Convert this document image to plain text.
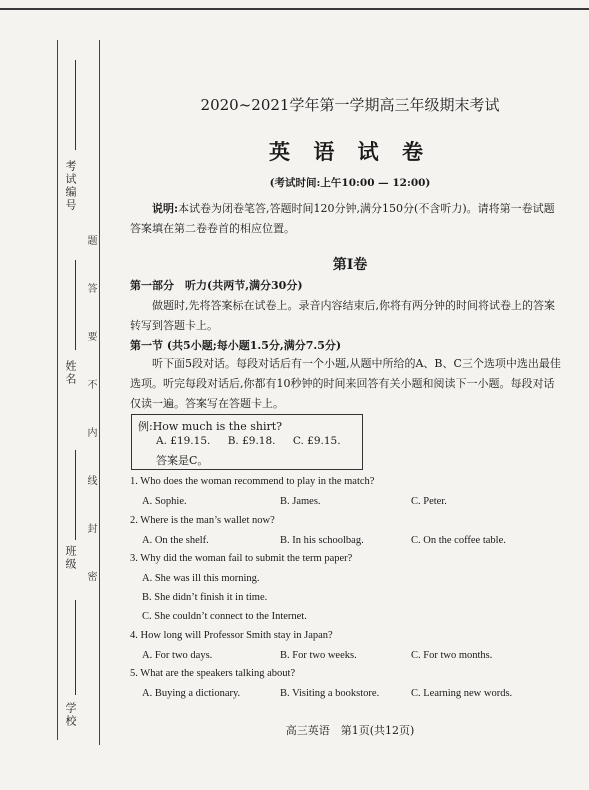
考试编号
姓名
班级
学校
题答要不内线封密
2020~2021学年第一学期高三年级期末考试
英 语 试 卷
(考试时间:上午10:00 — 12:00)
说明:本试卷为闭卷笔答,答题时间120分钟,满分150分(不含听力)。请将第一卷试题答案填在第二卷卷首的相应位置。
第Ⅰ卷
第一部分　听力(共两节,满分30分)
做题时,先将答案标在试卷上。录音内容结束后,你将有两分钟的时间将试卷上的答案转写到答题卡上。
第一节 (共5小题;每小题1.5分,满分7.5分)
听下面5段对话。每段对话后有一个小题,从题中所给的A、B、C三个选项中选出最佳选项。听完每段对话后,你都有10秒钟的时间来回答有关小题和阅读下一小题。每段对话仅读一遍。答案写在答题卡上。
例:How much is the shirt?
A. £19.15. B. £9.18. C. £9.15.
答案是C。
1. Who does the woman recommend to play in the match?
A. Sophie.	B. James.	C. Peter.
2. Where is the man’s wallet now?
A. On the shelf.	B. In his schoolbag.	C. On the coffee table.
3. Why did the woman fail to submit the term paper?
A. She was ill this morning.
B. She didn’t finish it in time.
C. She couldn’t connect to the Internet.
4. How long will Professor Smith stay in Japan?
A. For two days.	B. For two weeks.	C. For two months.
5. What are the speakers talking about?
A. Buying a dictionary.	B. Visiting a bookstore.	C. Learning new words.
高三英语　第1页(共12页)
